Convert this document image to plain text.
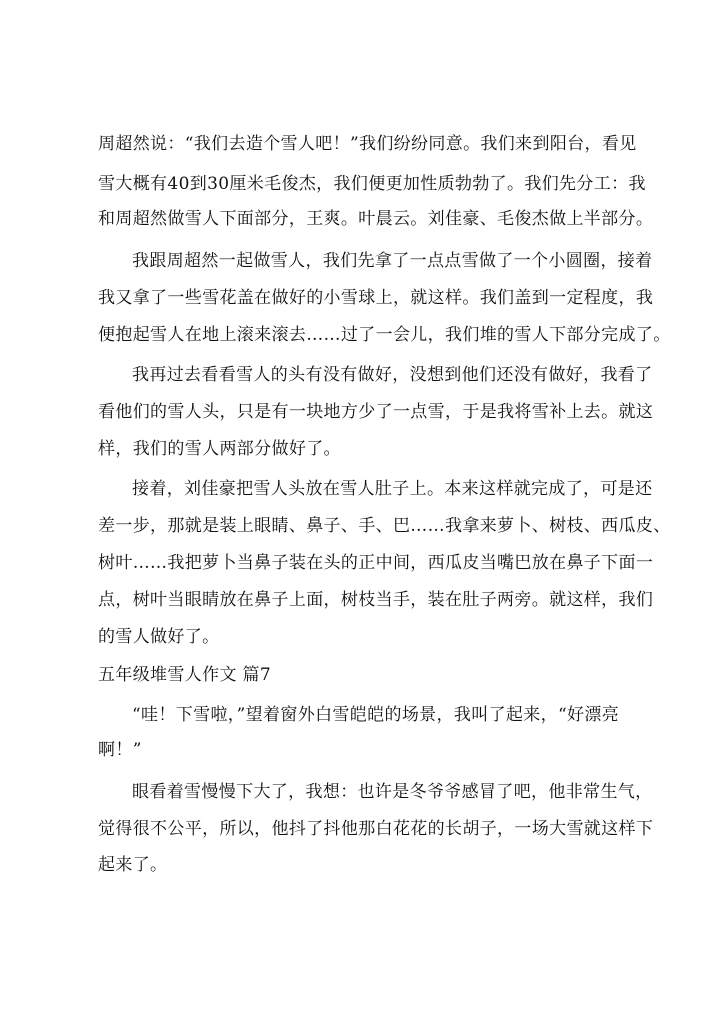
周超然说：“我们去造个雪人吧！”我们纷纷同意。我们来到阳台，看见
雪大概有40到30厘米毛俊杰，我们便更加性质勃勃了。我们先分工：我
和周超然做雪人下面部分，王爽。叶晨云。刘佳豪、毛俊杰做上半部分。
我跟周超然一起做雪人，我们先拿了一点点雪做了一个小圆圈，接着
我又拿了一些雪花盖在做好的小雪球上，就这样。我们盖到一定程度，我
便抱起雪人在地上滚来滚去……过了一会儿，我们堆的雪人下部分完成了。
我再过去看看雪人的头有没有做好，没想到他们还没有做好，我看了
看他们的雪人头，只是有一块地方少了一点雪，于是我将雪补上去。就这
样，我们的雪人两部分做好了。
接着，刘佳豪把雪人头放在雪人肚子上。本来这样就完成了，可是还
差一步，那就是装上眼睛、鼻子、手、巴……我拿来萝卜、树枝、西瓜皮、
树叶……我把萝卜当鼻子装在头的正中间，西瓜皮当嘴巴放在鼻子下面一
点，树叶当眼睛放在鼻子上面，树枝当手，装在肚子两旁。就这样，我们
的雪人做好了。
五年级堆雪人作文 篇7
“哇！下雪啦，”望着窗外白雪皑皑的场景，我叫了起来，“好漂亮
啊！”
眼看着雪慢慢下大了，我想：也许是冬爷爷感冒了吧，他非常生气，
觉得很不公平，所以，他抖了抖他那白花花的长胡子，一场大雪就这样下
起来了。
